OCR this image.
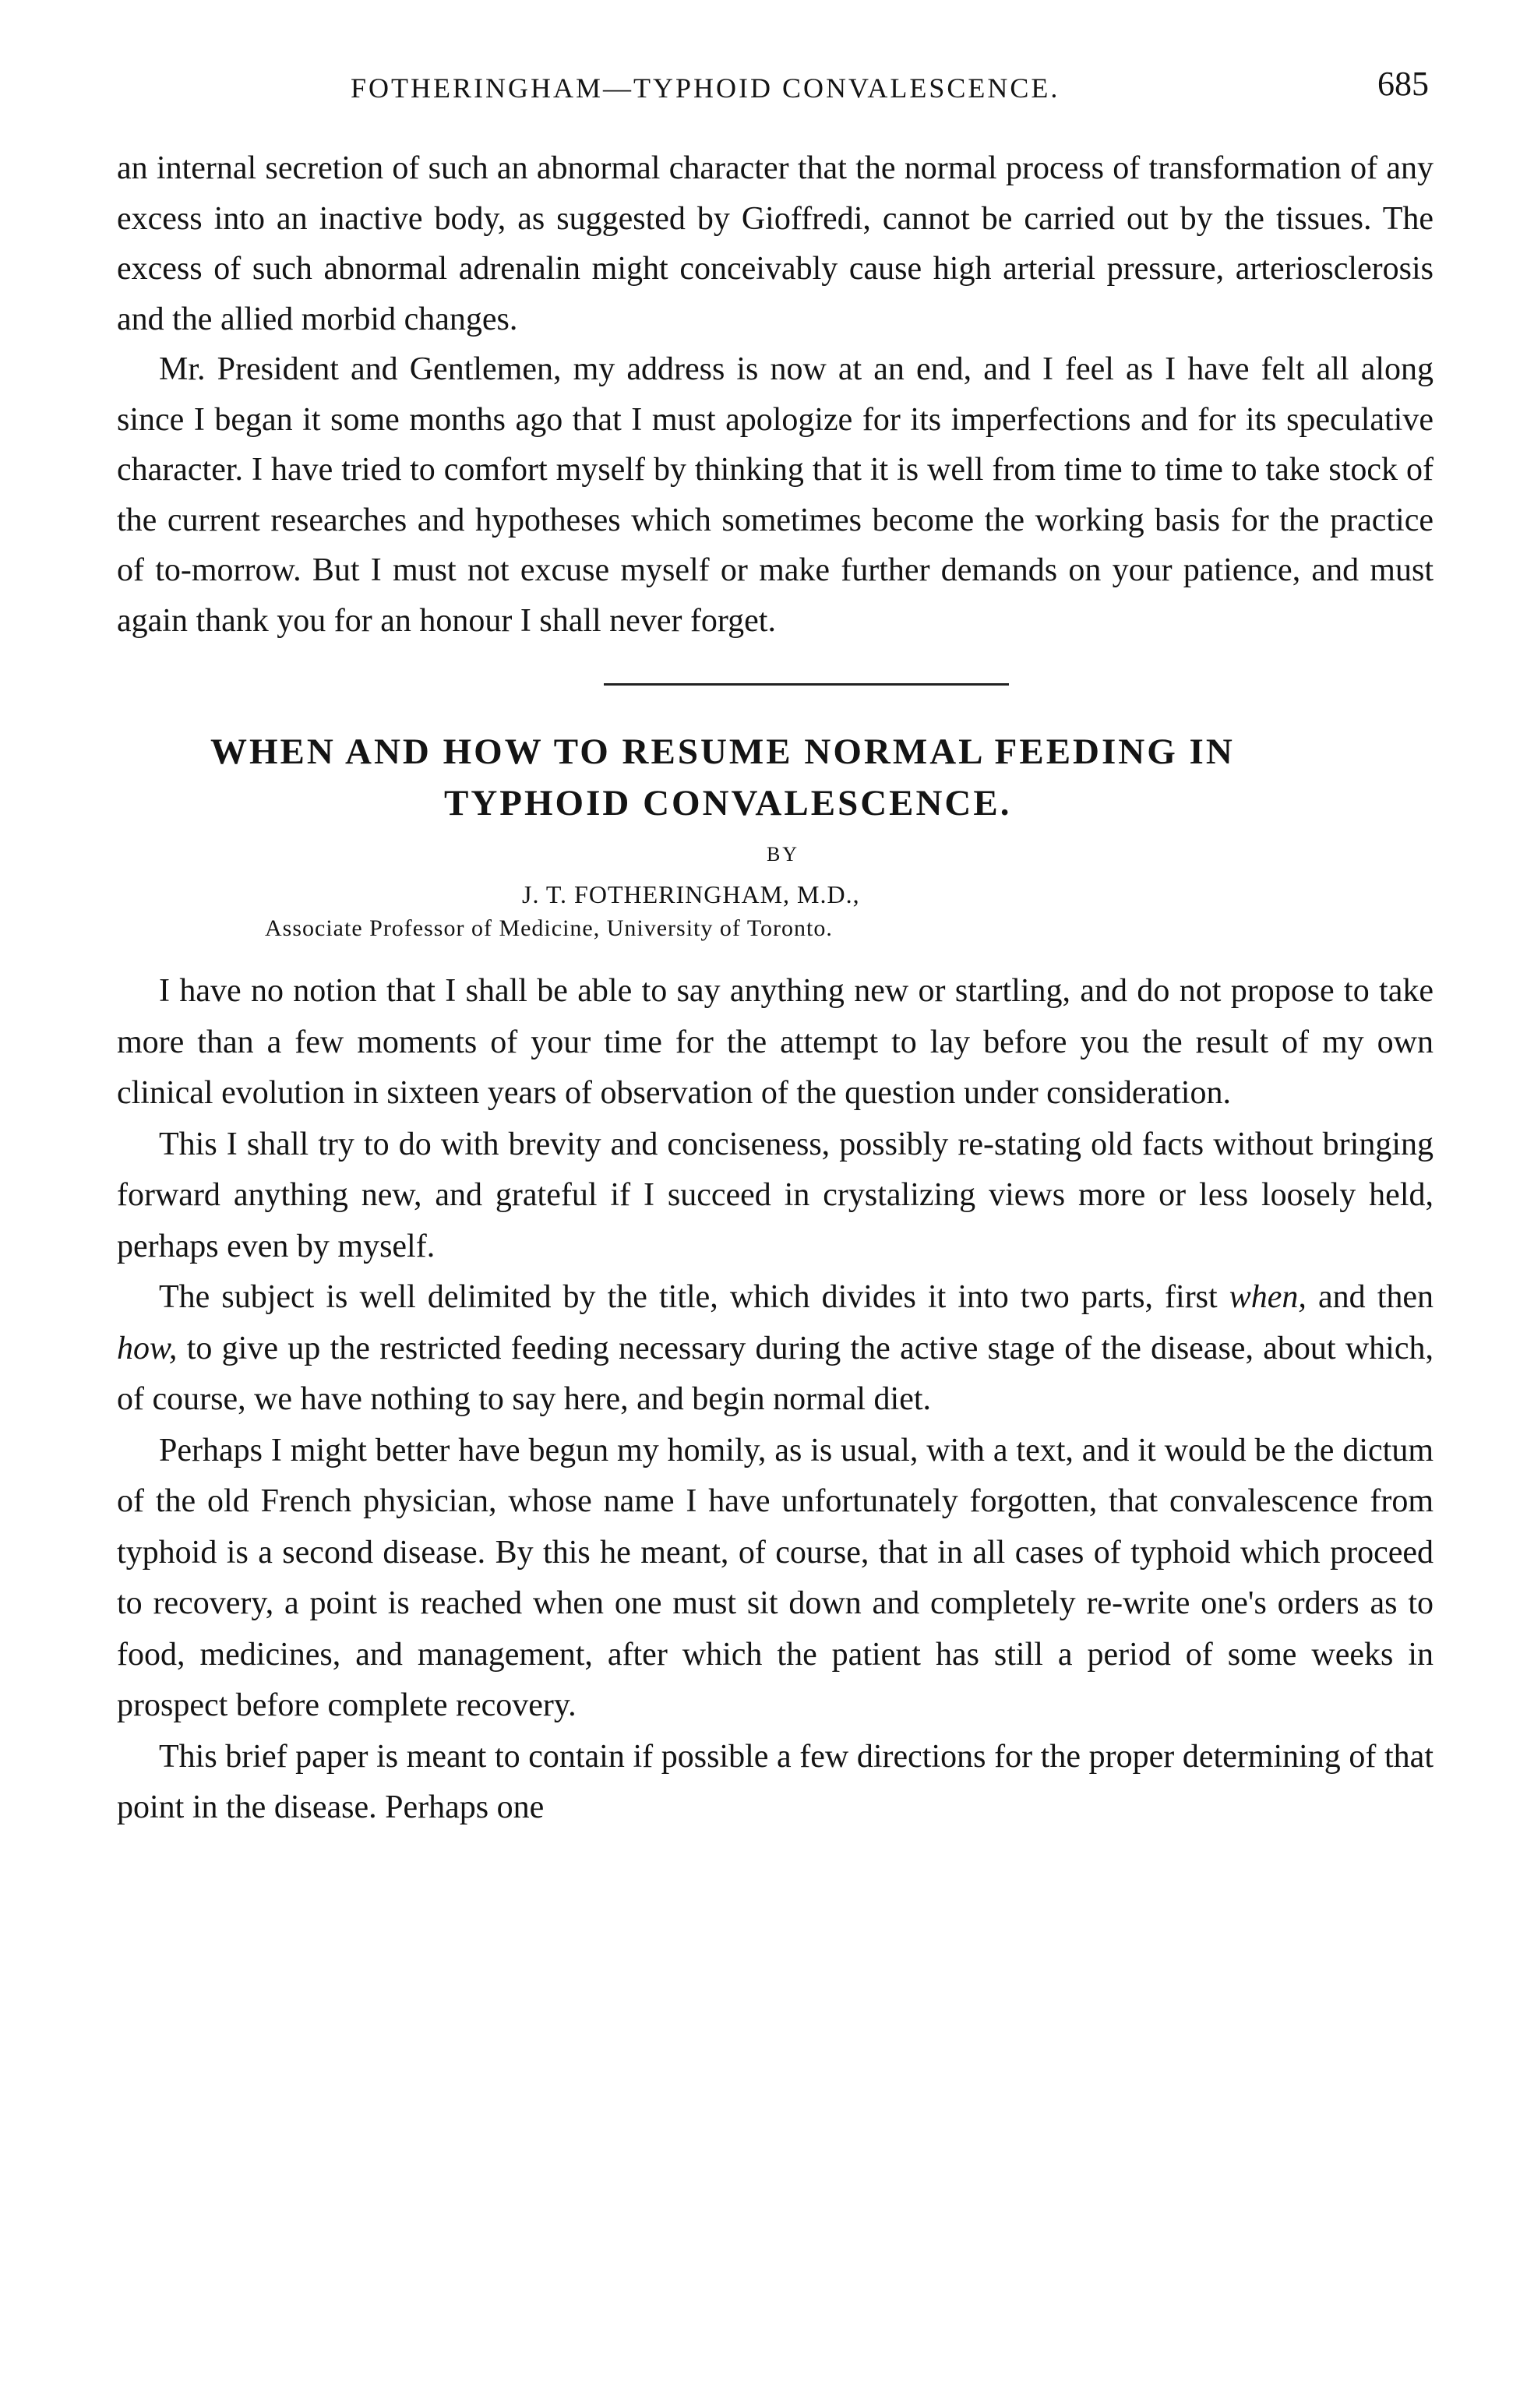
FOTHERINGHAM—TYPHOID CONVALESCENCE.	685

an internal secretion of such an abnormal character that the normal process of transformation of any excess into an inactive body, as suggested by Gioffredi, cannot be carried out by the tissues. The excess of such abnormal adrenalin might conceivably cause high arterial pressure, arteriosclerosis and the allied morbid changes.

Mr. President and Gentlemen, my address is now at an end, and I feel as I have felt all along since I began it some months ago that I must apologize for its imperfections and for its speculative character. I have tried to comfort myself by thinking that it is well from time to time to take stock of the current researches and hypotheses which sometimes become the working basis for the practice of to-morrow. But I must not excuse myself or make further demands on your patience, and must again thank you for an honour I shall never forget.

WHEN AND HOW TO RESUME NORMAL FEEDING IN
TYPHOID CONVALESCENCE.
BY
J. T. FOTHERINGHAM, M.D.,
Associate Professor of Medicine, University of Toronto.

I have no notion that I shall be able to say anything new or startling, and do not propose to take more than a few moments of your time for the attempt to lay before you the result of my own clinical evolution in sixteen years of observation of the question under consideration.

This I shall try to do with brevity and conciseness, possibly re-stating old facts without bringing forward anything new, and grateful if I succeed in crystalizing views more or less loosely held, perhaps even by myself.

The subject is well delimited by the title, which divides it into two parts, first when, and then how, to give up the restricted feeding necessary during the active stage of the disease, about which, of course, we have nothing to say here, and begin normal diet.

Perhaps I might better have begun my homily, as is usual, with a text, and it would be the dictum of the old French physician, whose name I have unfortunately forgotten, that convalescence from typhoid is a second disease. By this he meant, of course, that in all cases of typhoid which proceed to recovery, a point is reached when one must sit down and completely re-write one's orders as to food, medicines, and management, after which the patient has still a period of some weeks in prospect before complete recovery.

This brief paper is meant to contain if possible a few directions for the proper determining of that point in the disease. Perhaps one
